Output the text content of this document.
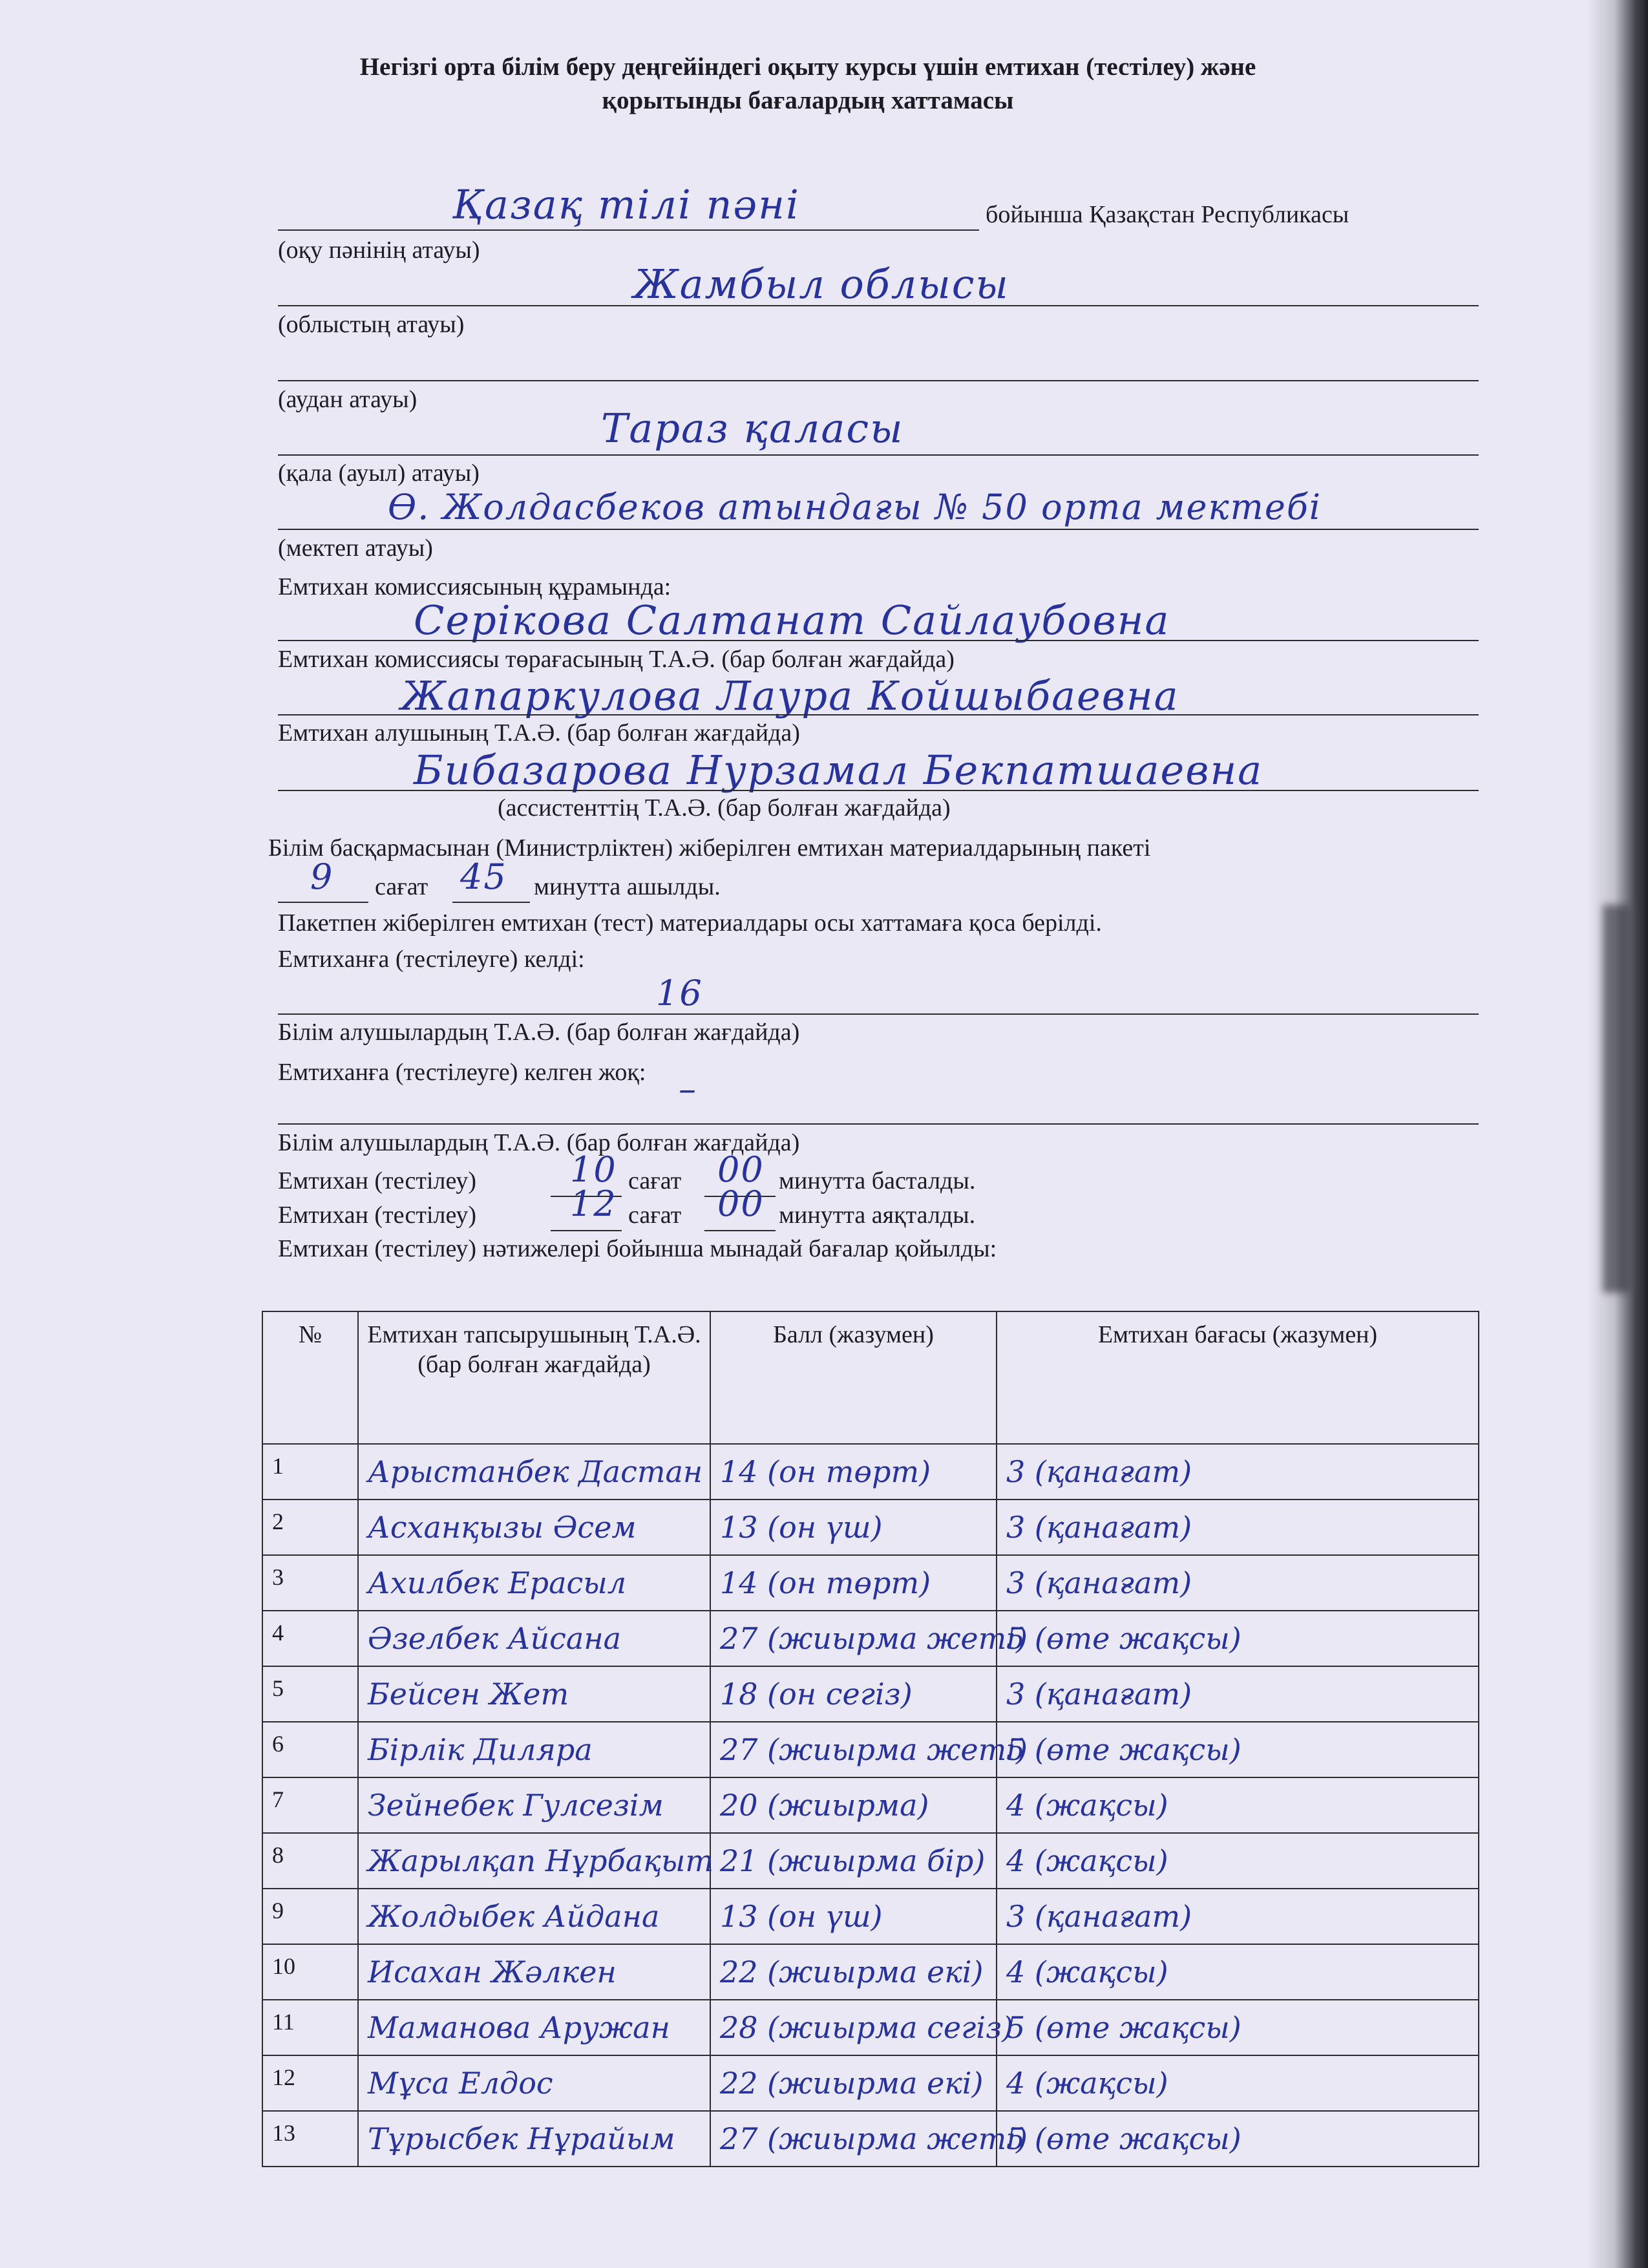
Негізгі орта білім беру деңгейіндегі оқыту курсы үшін емтихан (тестілеу) және
қорытынды бағалардың хаттамасы
Қазақ тілі пәні	бойынша Қазақстан Республикасы
(оқу пәнінің атауы)
Жамбыл облысы
(облыстың атауы)
(аудан атауы)
Тараз қаласы
(қала (ауыл) атауы)
Ө. Жолдасбеков атындағы № 50 орта мектебі
(мектеп атауы)
Емтихан комиссиясының құрамында:
Серікова Салтанат Сайлаубовна
Емтихан комиссиясы төрағасының Т.А.Ә. (бар болған жағдайда)
Жапаркулова Лаура Койшыбаевна
Емтихан алушының Т.А.Ә. (бар болған жағдайда)
Бибазарова Нурзамал Бекпатшаевна
(ассистенттің Т.А.Ә. (бар болған жағдайда)
Білім басқармасынан (Министрліктен) жіберілген емтихан материалдарының пакеті
9 сағат 45 минутта ашылды.
Пакетпен жіберілген емтихан (тест) материалдары осы хаттамаға қоса берілді.
Емтиханға (тестілеуге) келді:
16
Білім алушылардың Т.А.Ә. (бар болған жағдайда)
Емтиханға (тестілеуге) келген жоқ: –
Білім алушылардың Т.А.Ә. (бар болған жағдайда)
Емтихан (тестілеу)	10 сағат 00 минутта басталды.
Емтихан (тестілеу)	12 сағат 00 минутта аяқталды.
Емтихан (тестілеу) нәтижелері бойынша мынадай бағалар қойылды:
№	Емтихан тапсырушының Т.А.Ә. (бар болған жағдайда)	Балл (жазумен)	Емтихан бағасы (жазумен)
1	Арыстанбек Дастан	14 (он төрт)	3 (қанағат)
2	Асханқызы Әсем	13 (он үш)	3 (қанағат)
3	Ахилбек Ерасыл	14 (он төрт)	3 (қанағат)
4	Әзелбек Айсана	27 (жиырма жеті)	5 (өте жақсы)
5	Бейсен Жет	18 (он сегіз)	3 (қанағат)
6	Бірлік Диляра	27 (жиырма жеті)	5 (өте жақсы)
7	Зейнебек Гулсезім	20 (жиырма)	4 (жақсы)
8	Жарылқап Нұрбақыт	21 (жиырма бір)	4 (жақсы)
9	Жолдыбек Айдана	13 (он үш)	3 (қанағат)
10	Исахан Жәлкен	22 (жиырма екі)	4 (жақсы)
11	Маманова Аружан	28 (жиырма сегіз)	5 (өте жақсы)
12	Мұса Елдос	22 (жиырма екі)	4 (жақсы)
13	Тұрысбек Нұрайым	27 (жиырма жеті)	5 (өте жақсы)
